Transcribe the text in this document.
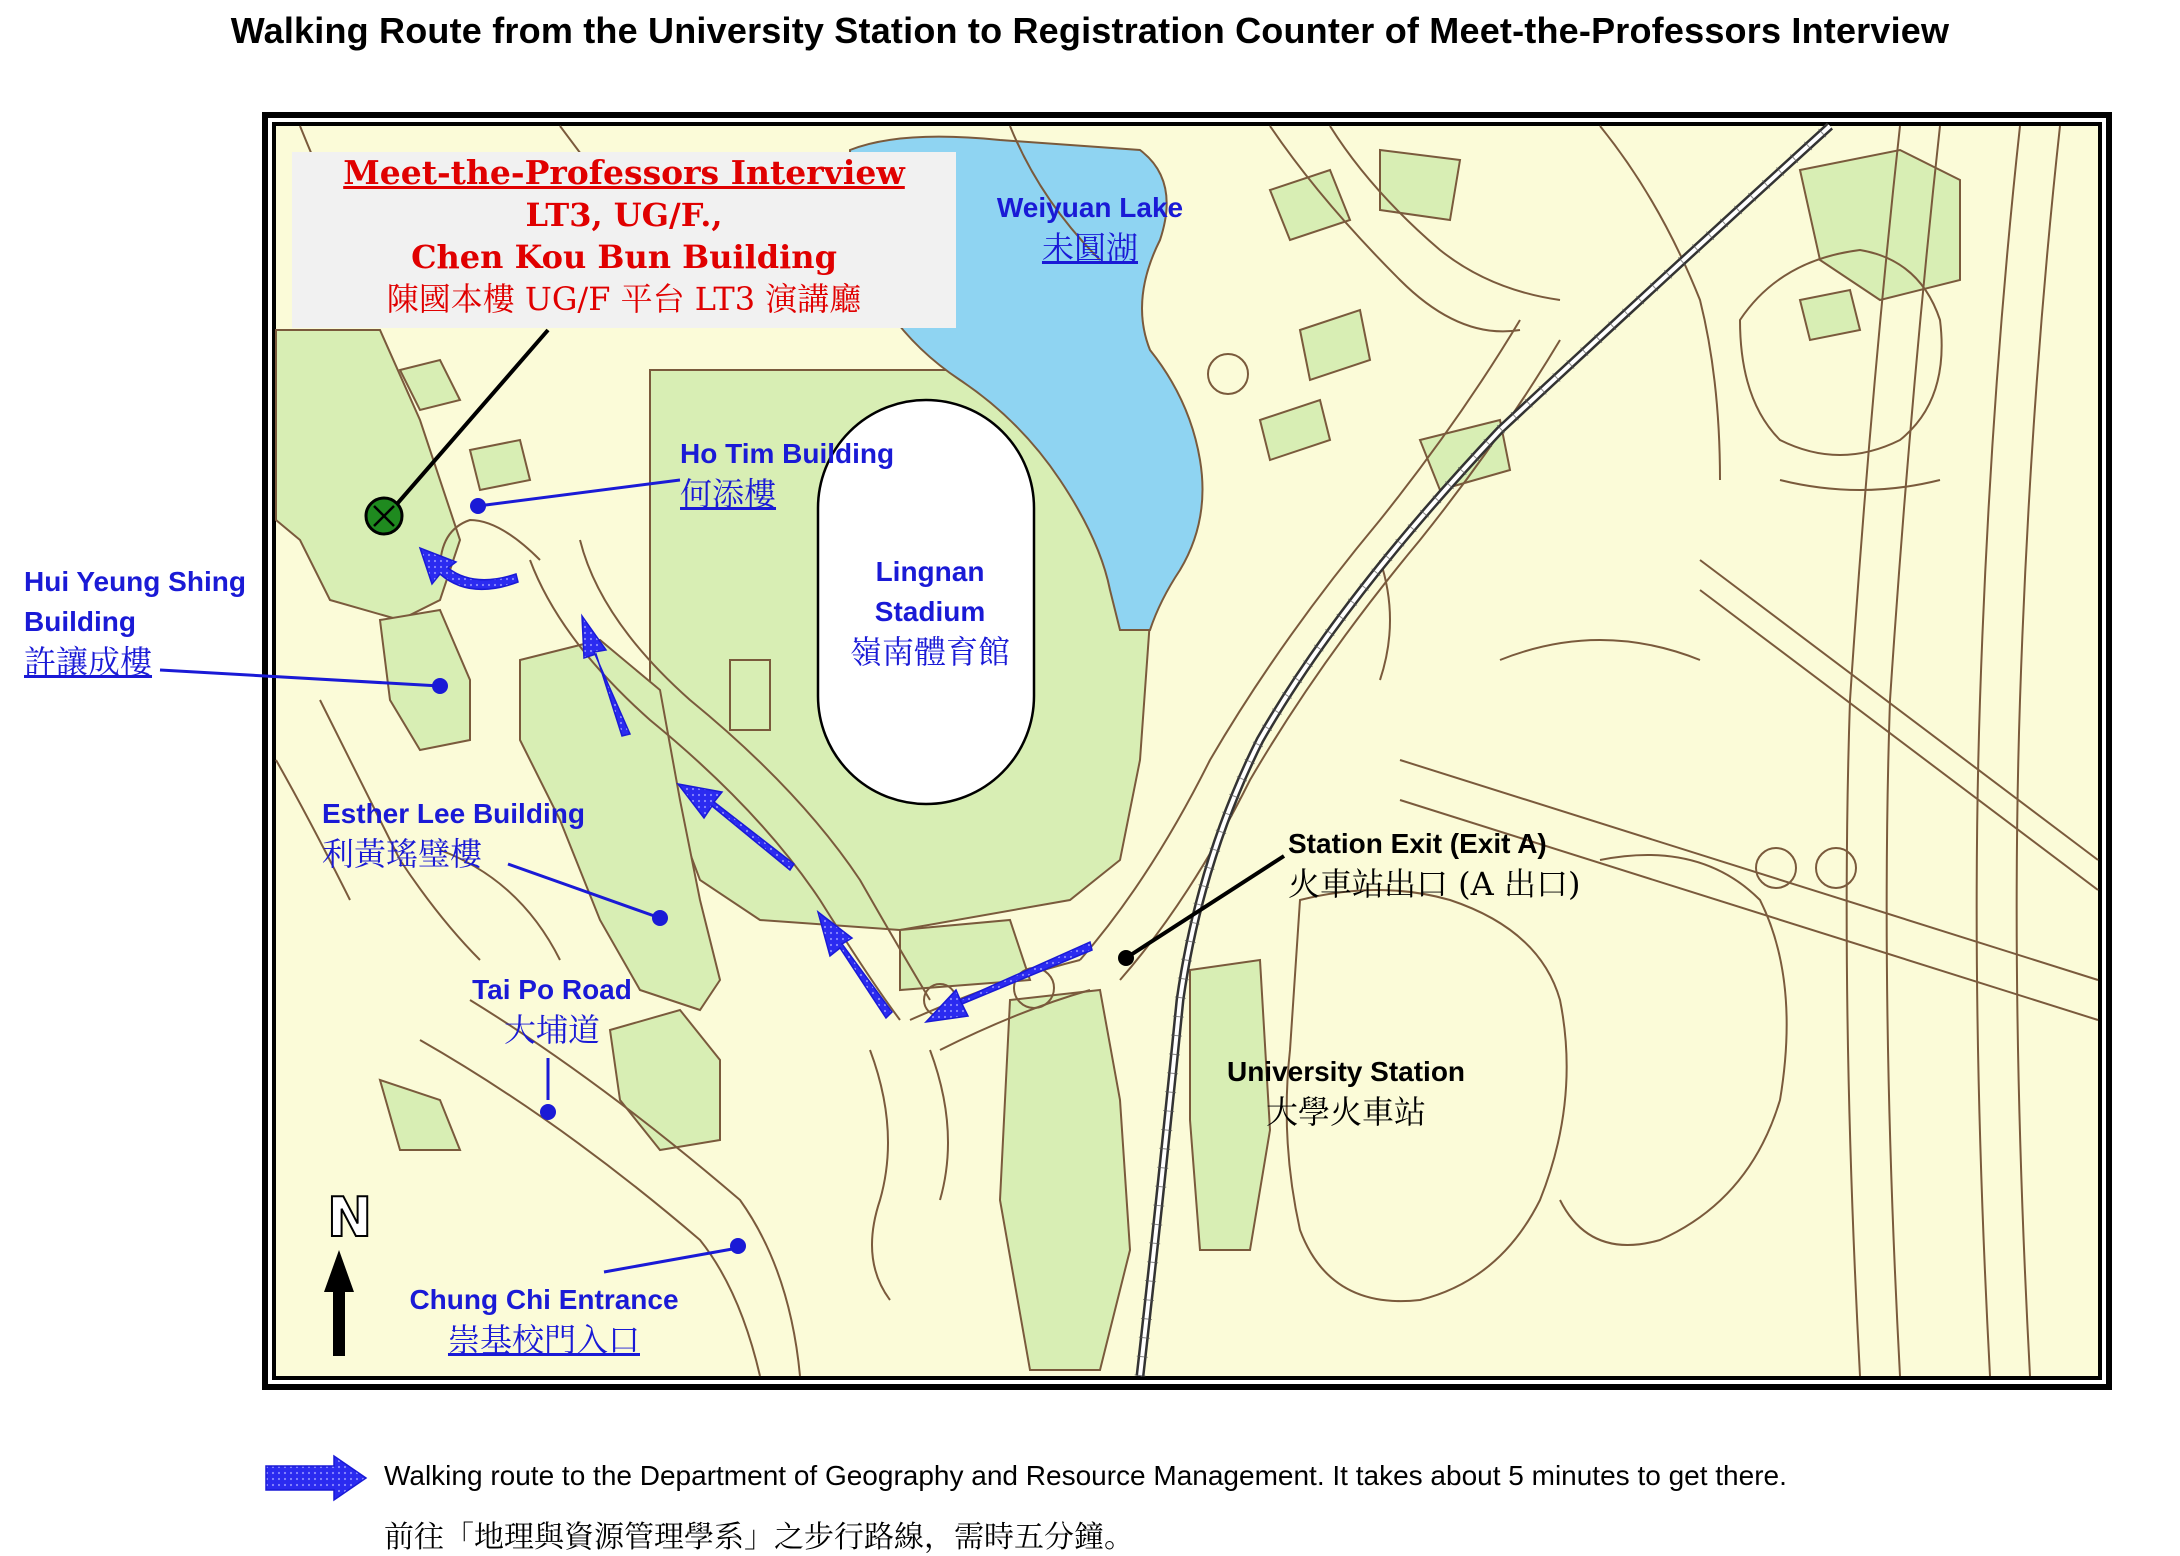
Walking Route from the University Station to Registration Counter of Meet-the-Professors Interview
Meet-the-Professors Interview
LT3, UG/F.,
Chen Kou Bun Building
陳國本樓 UG/F 平台 LT3 演講廳
Weiyuan Lake
未圓湖
Ho Tim Building
何添樓
Hui Yeung Shing
Building
許讓成樓
Lingnan
Stadium
嶺南體育館
Esther Lee Building
利黃瑤璧樓
Tai Po Road
大埔道
Station Exit (Exit A)
火車站出口 (A 出口)
University Station
大學火車站
Chung Chi Entrance
崇基校門入口
N
Walking route to the Department of Geography and Resource Management. It takes about 5 minutes to get there.
前往「地理與資源管理學系」之步行路線，需時五分鐘。
